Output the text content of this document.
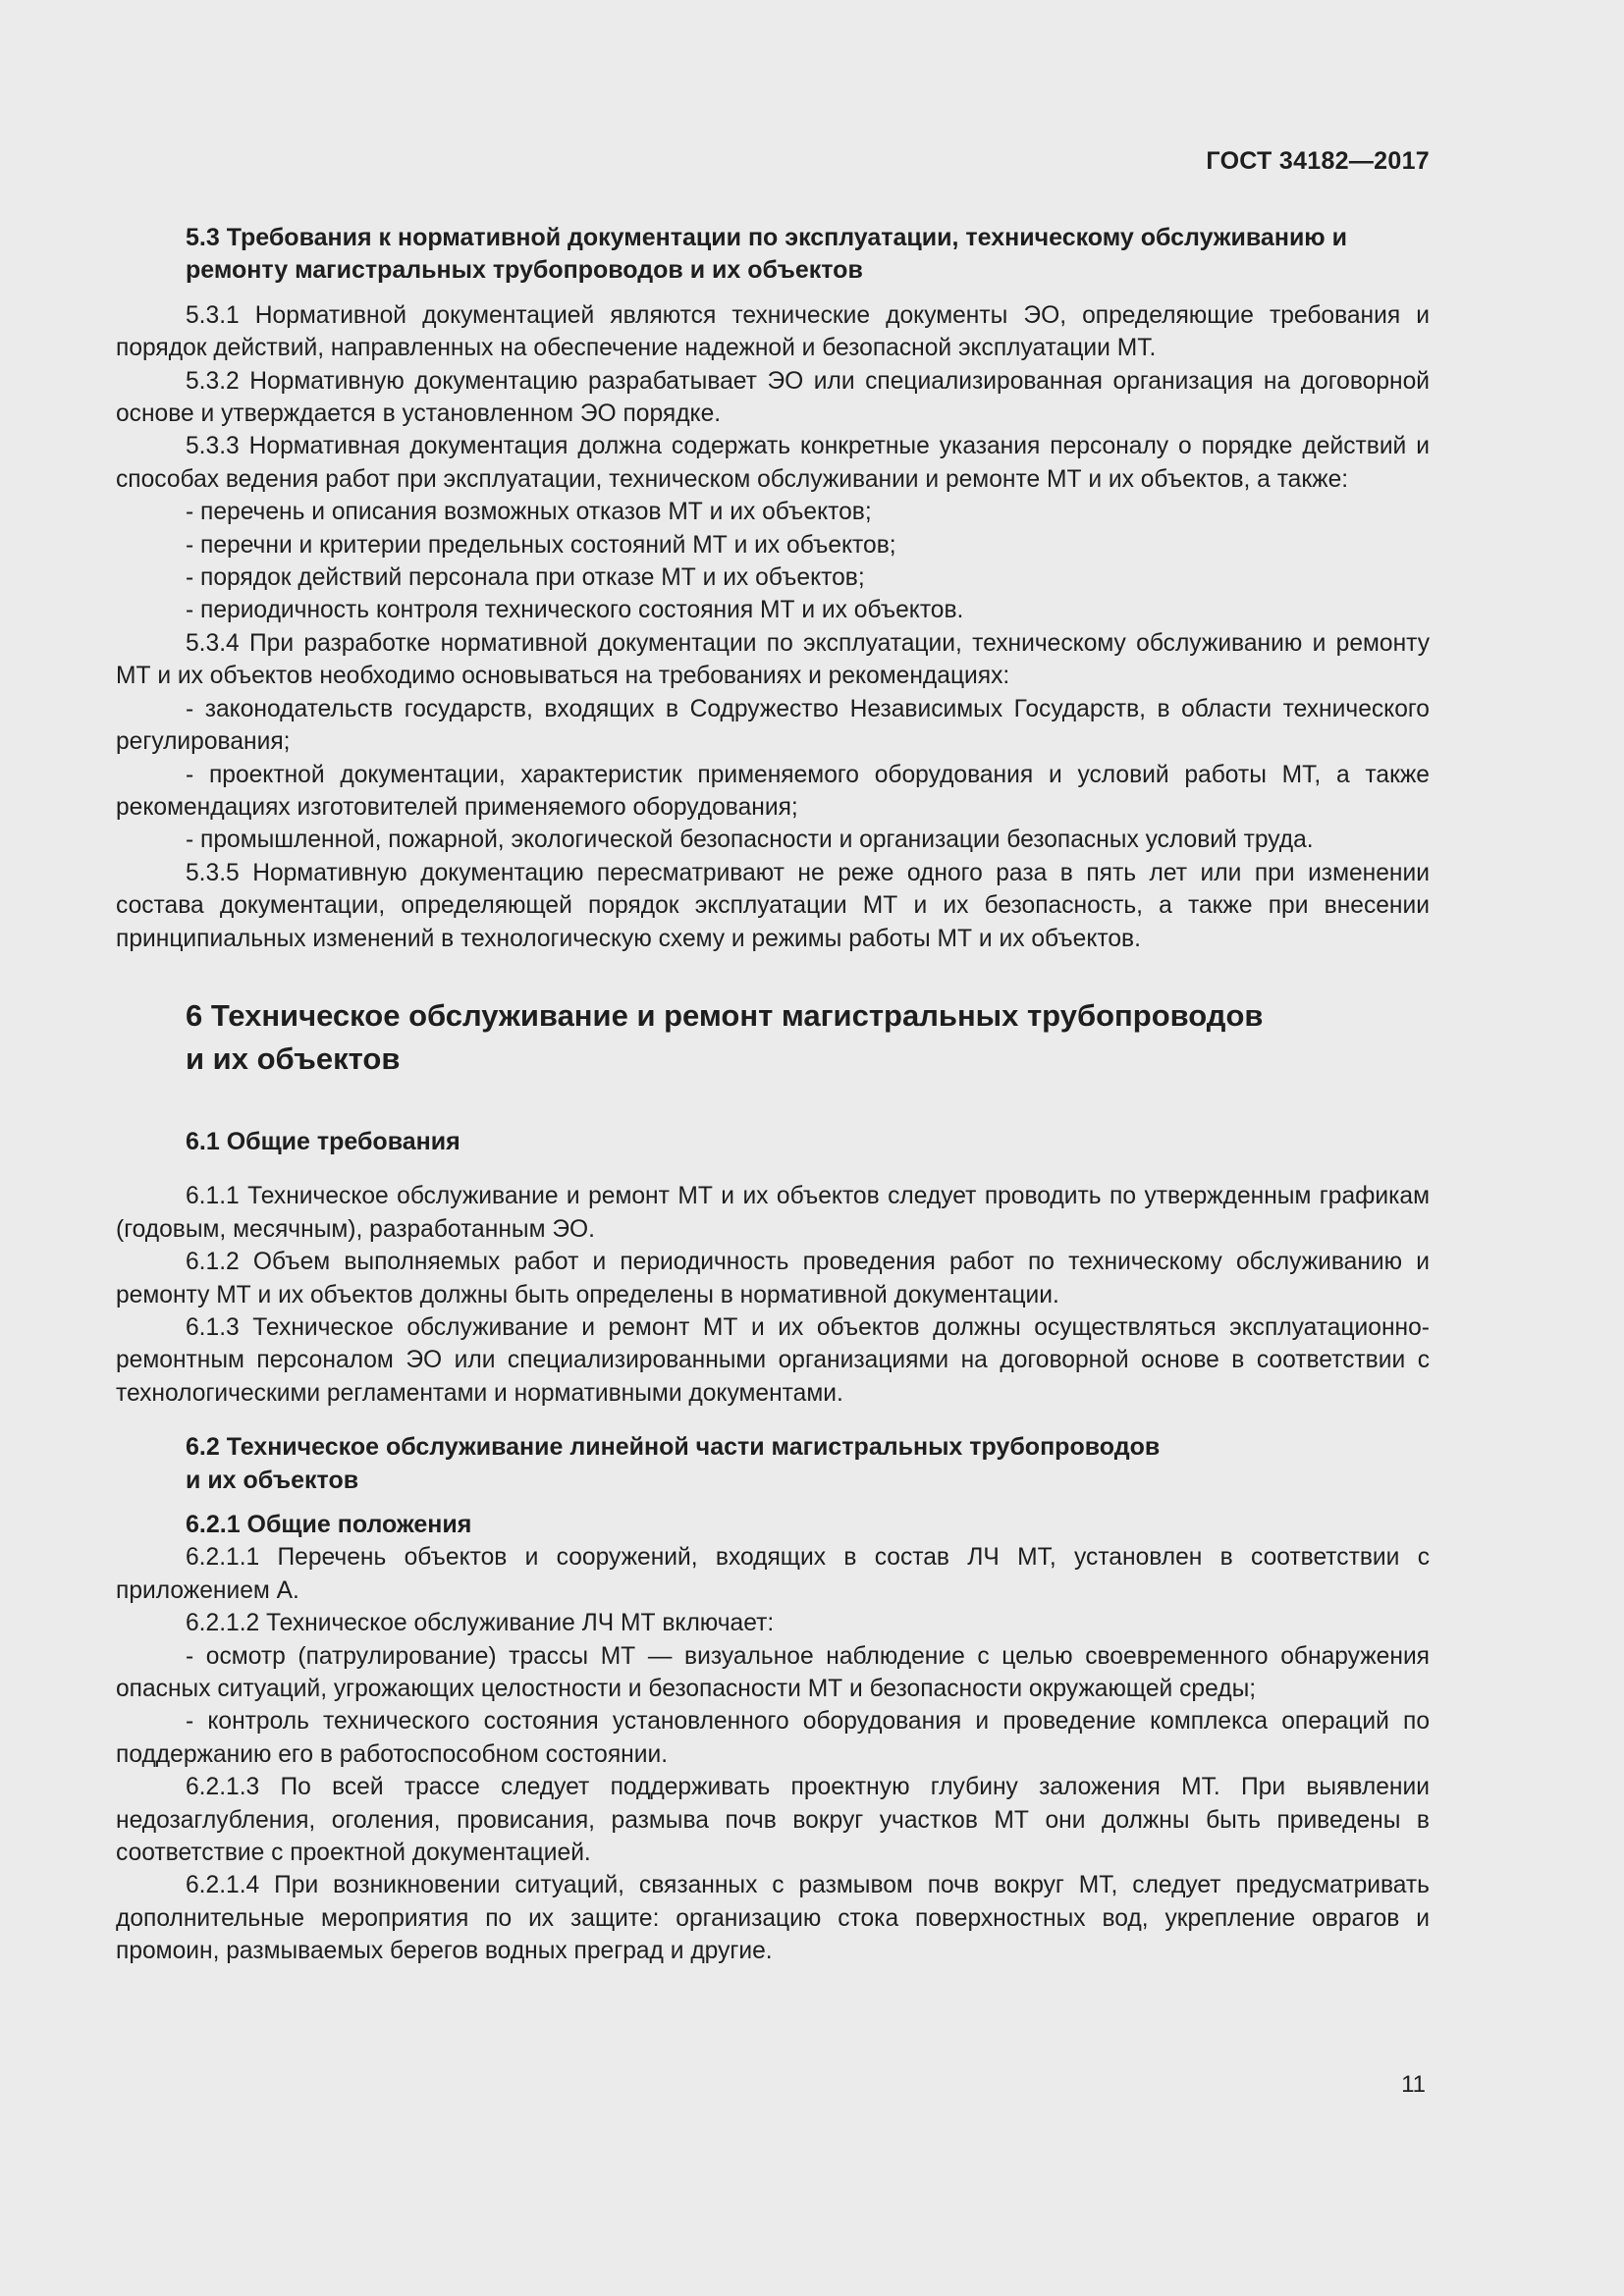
ГОСТ 34182—2017

5.3 Требования к нормативной документации по эксплуатации, техническому обслуживанию и ремонту магистральных трубопроводов и их объектов

5.3.1 Нормативной документацией являются технические документы ЭО, определяющие требования и порядок действий, направленных на обеспечение надежной и безопасной эксплуатации МТ.

5.3.2 Нормативную документацию разрабатывает ЭО или специализированная организация на договорной основе и утверждается в установленном ЭО порядке.

5.3.3 Нормативная документация должна содержать конкретные указания персоналу о порядке действий и способах ведения работ при эксплуатации, техническом обслуживании и ремонте МТ и их объектов, а также:

- перечень и описания возможных отказов МТ и их объектов;

- перечни и критерии предельных состояний МТ и их объектов;

- порядок действий персонала при отказе МТ и их объектов;

- периодичность контроля технического состояния МТ и их объектов.

5.3.4 При разработке нормативной документации по эксплуатации, техническому обслуживанию и ремонту МТ и их объектов необходимо основываться на требованиях и рекомендациях:

- законодательств государств, входящих в Содружество Независимых Государств, в области технического регулирования;

- проектной документации, характеристик применяемого оборудования и условий работы МТ, а также рекомендациях изготовителей применяемого оборудования;

- промышленной, пожарной, экологической безопасности и организации безопасных условий труда.

5.3.5 Нормативную документацию пересматривают не реже одного раза в пять лет или при изменении состава документации, определяющей порядок эксплуатации МТ и их безопасность, а также при внесении принципиальных изменений в технологическую схему и режимы работы МТ и их объектов.

6 Техническое обслуживание и ремонт магистральных трубопроводов
и их объектов

6.1 Общие требования

6.1.1 Техническое обслуживание и ремонт МТ и их объектов следует проводить по утвержденным графикам (годовым, месячным), разработанным ЭО.

6.1.2 Объем выполняемых работ и периодичность проведения работ по техническому обслуживанию и ремонту МТ и их объектов должны быть определены в нормативной документации.

6.1.3 Техническое обслуживание и ремонт МТ и их объектов должны осуществляться эксплуатационно-ремонтным персоналом ЭО или специализированными организациями на договорной основе в соответствии с технологическими регламентами и нормативными документами.

6.2 Техническое обслуживание линейной части магистральных трубопроводов
и их объектов

6.2.1 Общие положения

6.2.1.1 Перечень объектов и сооружений, входящих в состав ЛЧ МТ, установлен в соответствии с приложением А.

6.2.1.2 Техническое обслуживание ЛЧ МТ включает:

- осмотр (патрулирование) трассы МТ — визуальное наблюдение с целью своевременного обнаружения опасных ситуаций, угрожающих целостности и безопасности МТ и безопасности окружающей среды;

- контроль технического состояния установленного оборудования и проведение комплекса операций по поддержанию его в работоспособном состоянии.

6.2.1.3 По всей трассе следует поддерживать проектную глубину заложения МТ. При выявлении недозаглубления, оголения, провисания, размыва почв вокруг участков МТ они должны быть приведены в соответствие с проектной документацией.

6.2.1.4 При возникновении ситуаций, связанных с размывом почв вокруг МТ, следует предусматривать дополнительные мероприятия по их защите: организацию стока поверхностных вод, укрепление оврагов и промоин, размываемых берегов водных преград и другие.

11
